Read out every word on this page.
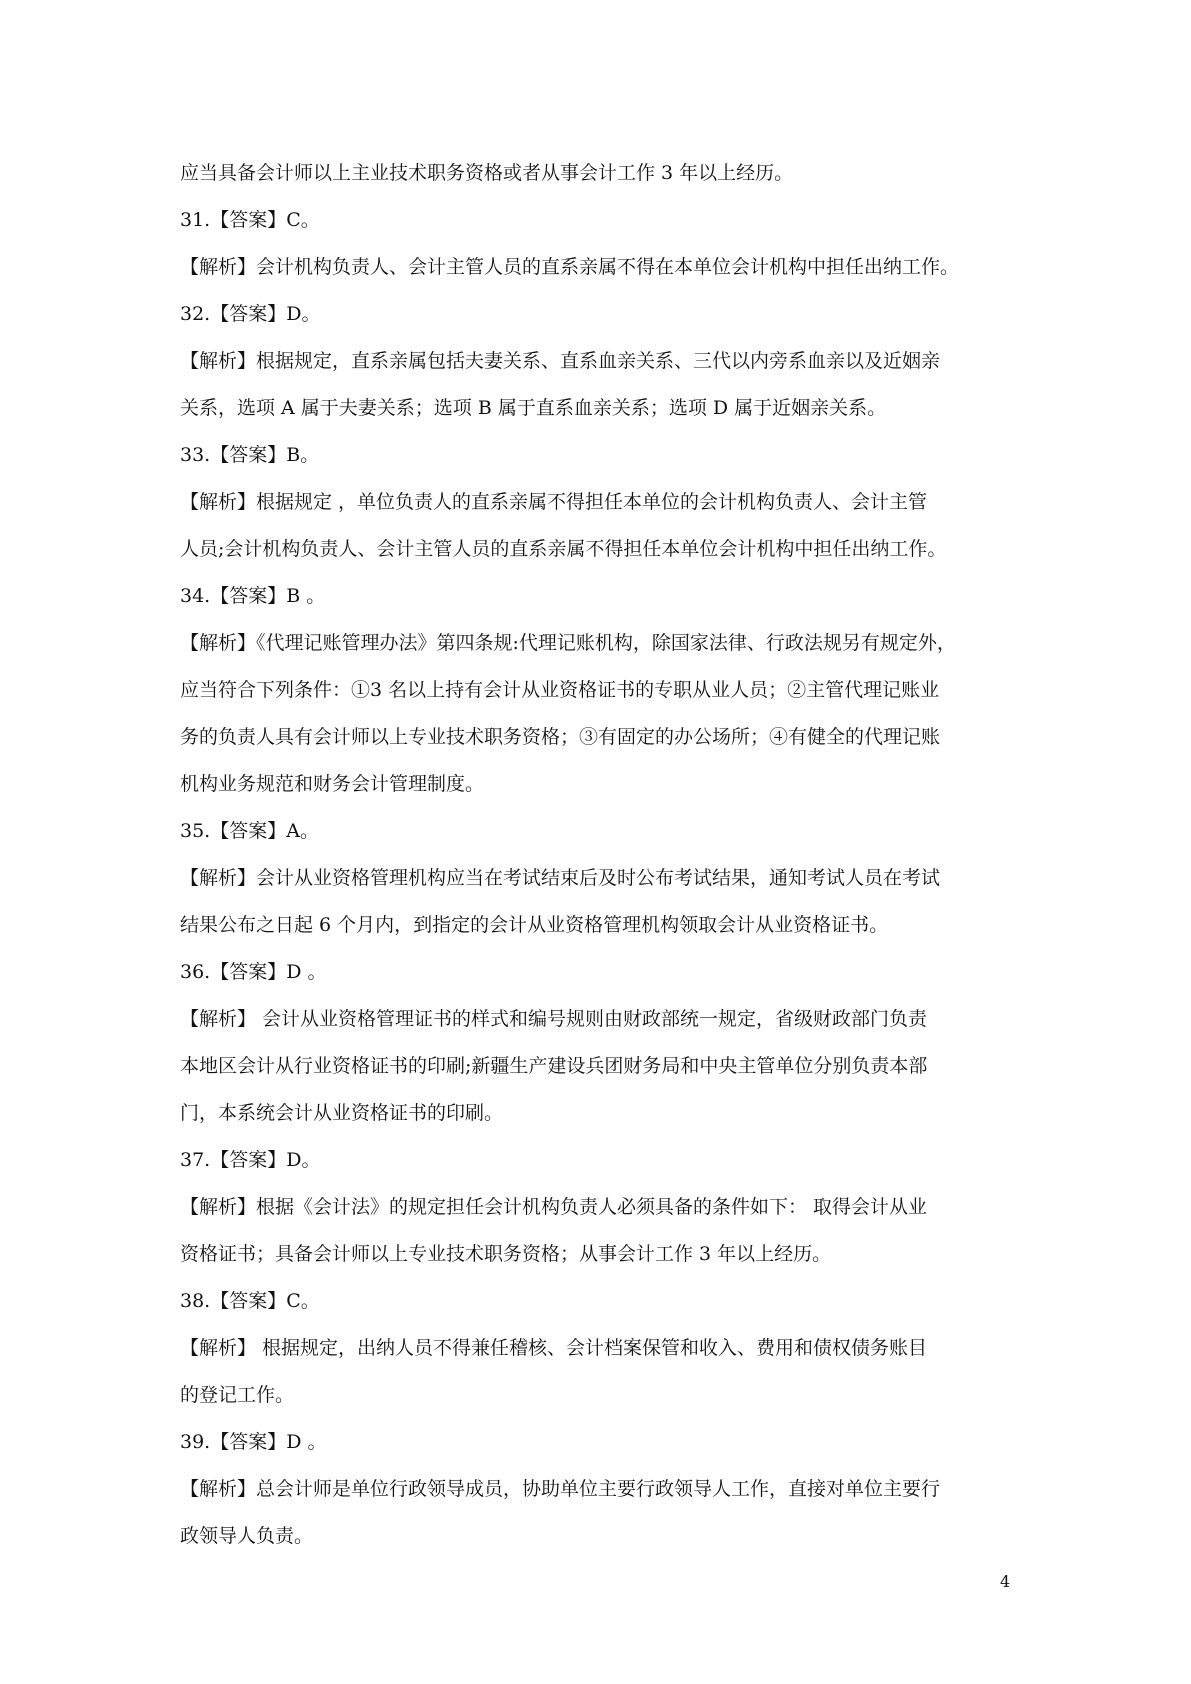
应当具备会计师以上主业技术职务资格或者从事会计工作 3 年以上经历。
31.【答案】C。
【解析】会计机构负责人、会计主管人员的直系亲属不得在本单位会计机构中担任出纳工作。
32.【答案】D。
【解析】根据规定，直系亲属包括夫妻关系、直系血亲关系、三代以内旁系血亲以及近姻亲
关系，选项 A 属于夫妻关系；选项 B 属于直系血亲关系；选项 D 属于近姻亲关系。
33.【答案】B。
【解析】根据规定 ，单位负责人的直系亲属不得担任本单位的会计机构负责人、会计主管
人员;会计机构负责人、会计主管人员的直系亲属不得担任本单位会计机构中担任出纳工作。
34.【答案】B 。
【解析】《代理记账管理办法》第四条规:代理记账机构，除国家法律、行政法规另有规定外，
应当符合下列条件：①3 名以上持有会计从业资格证书的专职从业人员；②主管代理记账业
务的负责人具有会计师以上专业技术职务资格；③有固定的办公场所；④有健全的代理记账
机构业务规范和财务会计管理制度。
35.【答案】A。
【解析】会计从业资格管理机构应当在考试结束后及时公布考试结果，通知考试人员在考试
结果公布之日起 6 个月内，到指定的会计从业资格管理机构领取会计从业资格证书。
36.【答案】D 。
【解析】 会计从业资格管理证书的样式和编号规则由财政部统一规定，省级财政部门负责
本地区会计从行业资格证书的印刷;新疆生产建设兵团财务局和中央主管单位分别负责本部
门，本系统会计从业资格证书的印刷。
37.【答案】D。
【解析】根据《会计法》的规定担任会计机构负责人必须具备的条件如下： 取得会计从业
资格证书；具备会计师以上专业技术职务资格；从事会计工作 3 年以上经历。
38.【答案】C。
【解析】 根据规定，出纳人员不得兼任稽核、会计档案保管和收入、费用和债权债务账目
的登记工作。
39.【答案】D 。
【解析】总会计师是单位行政领导成员，协助单位主要行政领导人工作，直接对单位主要行
政领导人负责。
4
